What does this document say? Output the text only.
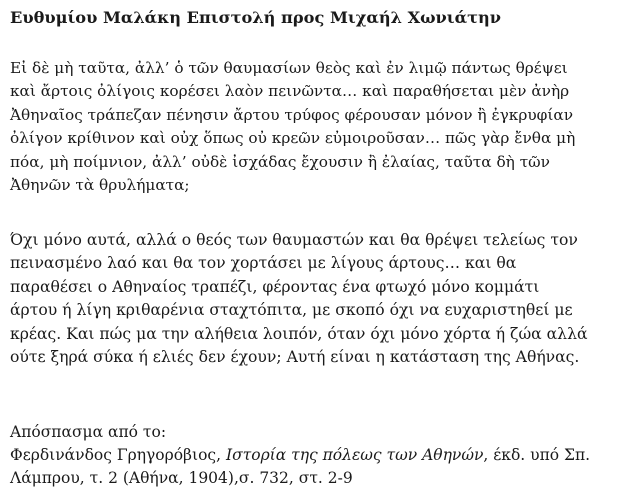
Ευθυμίου Μαλάκη Επιστολή προς Μιχαήλ Χωνιάτην

Εἰ δὲ μὴ ταῦτα, ἀλλ’ ὁ τῶν θαυμασίων θεὸς καὶ ἐν λιμῷ πάντως θρέψει
καὶ ἄρτοις ὀλίγοις κορέσει λαὸν πεινῶντα… καὶ παραθήσεται μὲν ἀνὴρ
Ἀθηναῖος τράπεζαν πένησιν ἄρτου τρύφος φέρουσαν μόνον ἢ ἐγκρυφίαν
ὀλίγον κρίθινον καὶ οὐχ ὅπως οὐ κρεῶν εὐμοιροῦσαν… πῶς γὰρ ἔνθα μὴ
πόα, μὴ ποίμνιον, ἀλλ’ οὐδὲ ἰσχάδας ἔχουσιν ἢ ἐλαίας, ταῦτα δὴ τῶν
Ἀθηνῶν τὰ θρυλήματα;

Όχι μόνο αυτά, αλλά ο θεός των θαυμαστών και θα θρέψει τελείως τον
πεινασμένο λαό και θα τον χορτάσει με λίγους άρτους… και θα
παραθέσει ο Αθηναίος τραπέζι, φέροντας ένα φτωχό μόνο κομμάτι
άρτου ή λίγη κριθαρένια σταχτόπιτα, με σκοπό όχι να ευχαριστηθεί με
κρέας. Και πώς μα την αλήθεια λοιπόν, όταν όχι μόνο χόρτα ή ζώα αλλά
ούτε ξηρά σύκα ή ελιές δεν έχουν; Αυτή είναι η κατάσταση της Αθήνας.

Απόσπασμα από το:
Φερδινάνδος Γρηγορόβιος, Ιστορία της πόλεως των Αθηνών, έκδ. υπό Σπ.
Λάμπρου, τ. 2 (Αθήνα, 1904),σ. 732, στ. 2-9
